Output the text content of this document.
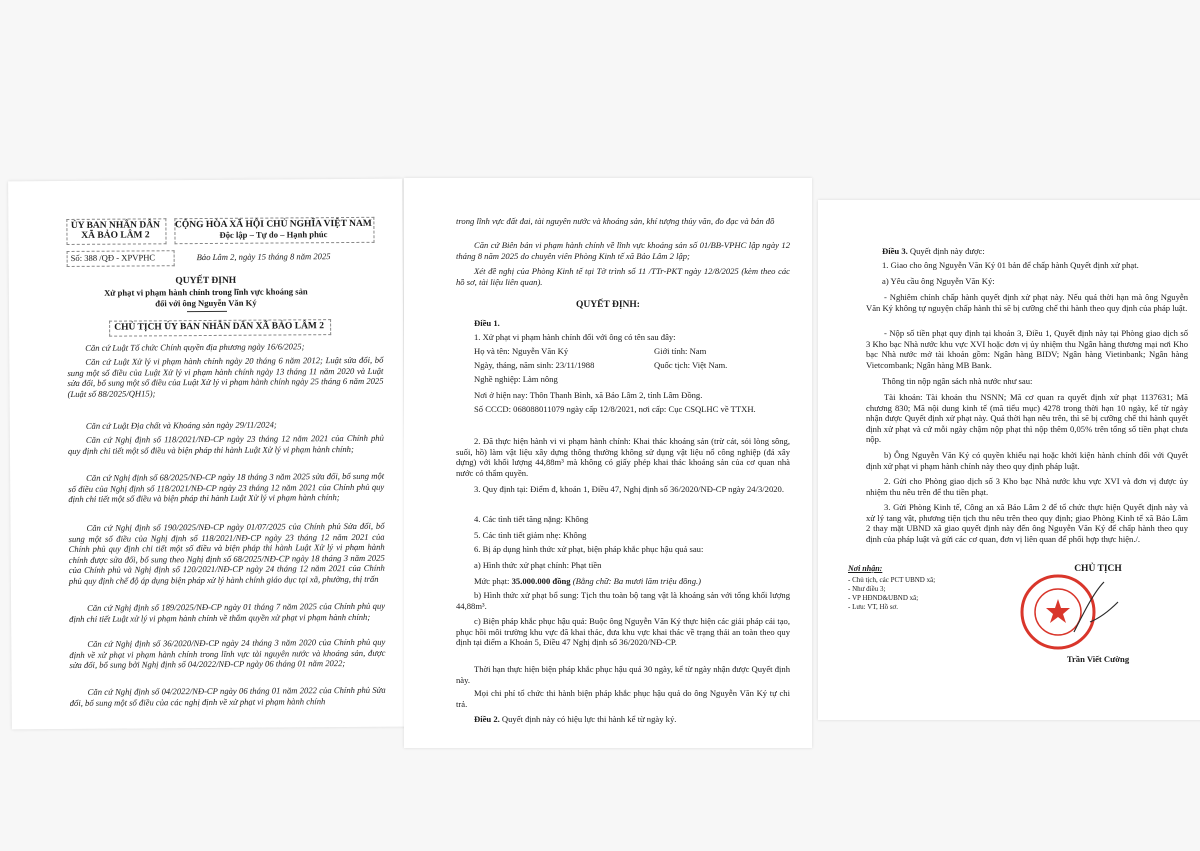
ỦY BAN NHÂN DÂN
XÃ BẢO LÂM 2
CỘNG HÒA XÃ HỘI CHỦ NGHĨA VIỆT NAM
Độc lập – Tự do – Hạnh phúc
Số: 388 /QĐ - XPVPHC	Bảo Lâm 2, ngày 15 tháng 8 năm 2025
QUYẾT ĐỊNH
Xử phạt vi phạm hành chính trong lĩnh vực khoáng sản
đối với ông Nguyễn Văn Ký
CHỦ TỊCH ỦY BAN NHÂN DÂN XÃ BẢO LÂM 2
Căn cứ Luật Tổ chức Chính quyền địa phương ngày 16/6/2025;
Căn cứ Luật Xử lý vi phạm hành chính ngày 20 tháng 6 năm 2012; Luật sửa đổi, bổ sung một số điều của Luật Xử lý vi phạm hành chính ngày 13 tháng 11 năm 2020 và Luật sửa đổi, bổ sung một số điều của Luật Xử lý vi phạm hành chính ngày 25 tháng 6 năm 2025 (Luật số 88/2025/QH15);
Căn cứ Luật Địa chất và Khoáng sản ngày 29/11/2024;
Căn cứ Nghị định số 118/2021/NĐ-CP ngày 23 tháng 12 năm 2021 của Chính phủ quy định chi tiết một số điều và biện pháp thi hành Luật Xử lý vi phạm hành chính;
Căn cứ Nghị định số 68/2025/NĐ-CP ngày 18 tháng 3 năm 2025 sửa đổi, bổ sung một số điều của Nghị định số 118/2021/NĐ-CP ngày 23 tháng 12 năm 2021 của Chính phủ quy định chi tiết một số điều và biện pháp thi hành Luật Xử lý vi phạm hành chính;
Căn cứ Nghị định số 190/2025/NĐ-CP ngày 01/07/2025 của Chính phủ Sửa đổi, bổ sung một số điều của Nghị định số 118/2021/NĐ-CP ngày 23 tháng 12 năm 2021 của Chính phủ quy định chi tiết một số điều và biện pháp thi hành Luật Xử lý vi phạm hành chính được sửa đổi, bổ sung theo Nghị định số 68/2025/NĐ-CP ngày 18 tháng 3 năm 2025 của Chính phủ và Nghị định số 120/2021/NĐ-CP ngày 24 tháng 12 năm 2021 của Chính phủ quy định chế độ áp dụng biện pháp xử lý hành chính giáo dục tại xã, phường, thị trấn
Căn cứ Nghị định số 189/2025/NĐ-CP ngày 01 tháng 7 năm 2025 của Chính phủ quy định chi tiết Luật xử lý vi phạm hành chính về thẩm quyền xử phạt vi phạm hành chính;
Căn cứ Nghị định số 36/2020/NĐ-CP ngày 24 tháng 3 năm 2020 của Chính phủ quy định về xử phạt vi phạm hành chính trong lĩnh vực tài nguyên nước và khoáng sản, được sửa đổi, bổ sung bởi Nghị định số 04/2022/NĐ-CP ngày 06 tháng 01 năm 2022;
Căn cứ Nghị định số 04/2022/NĐ-CP ngày 06 tháng 01 năm 2022 của Chính phủ Sửa đổi, bổ sung một số điều của các nghị định về xử phạt vi phạm hành chính
trong lĩnh vực đất đai, tài nguyên nước và khoáng sản, khí tượng thủy văn, đo đạc và bản đồ
Căn cứ Biên bản vi phạm hành chính về lĩnh vực khoáng sản số 01/BB-VPHC lập ngày 12 tháng 8 năm 2025 do chuyên viên Phòng Kinh tế xã Bảo Lâm 2 lập;
Xét đề nghị của Phòng Kinh tế tại Tờ trình số 11 /TTr-PKT ngày 12/8/2025 (kèm theo các hồ sơ, tài liệu liên quan).
QUYẾT ĐỊNH:
Điều 1.
1. Xử phạt vi phạm hành chính đối với ông có tên sau đây:
Họ và tên: Nguyễn Văn Ký	Giới tính: Nam
Ngày, tháng, năm sinh: 23/11/1988	Quốc tịch: Việt Nam.
Nghề nghiệp: Làm nông
Nơi ở hiện nay: Thôn Thanh Bình, xã Bảo Lâm 2, tỉnh Lâm Đồng.
Số CCCD: 068088011079 ngày cấp 12/8/2021, nơi cấp: Cục CSQLHC về TTXH.
2. Đã thực hiện hành vi vi phạm hành chính: Khai thác khoáng sản (trừ cát, sỏi lòng sông, suối, hồ) làm vật liệu xây dựng thông thường không sử dụng vật liệu nổ công nghiệp (đá xây dựng) với khối lượng 44,88m³ mà không có giấy phép khai thác khoáng sản của cơ quan nhà nước có thẩm quyền.
3. Quy định tại: Điểm đ, khoản 1, Điều 47, Nghị định số 36/2020/NĐ-CP ngày 24/3/2020.
4. Các tình tiết tăng nặng: Không
5. Các tình tiết giảm nhẹ: Không
6. Bị áp dụng hình thức xử phạt, biện pháp khắc phục hậu quả sau:
a) Hình thức xử phạt chính: Phạt tiền
Mức phạt: 35.000.000 đồng (Bằng chữ: Ba mươi lăm triệu đồng.)
b) Hình thức xử phạt bổ sung: Tịch thu toàn bộ tang vật là khoáng sản với tổng khối lượng 44,88m³.
c) Biện pháp khắc phục hậu quả: Buộc ông Nguyễn Văn Ký thực hiện các giải pháp cải tạo, phục hồi môi trường khu vực đã khai thác, đưa khu vực khai thác về trạng thái an toàn theo quy định tại điểm a Khoản 5, Điều 47 Nghị định số 36/2020/NĐ-CP.
Thời hạn thực hiện biện pháp khắc phục hậu quả 30 ngày, kể từ ngày nhận được Quyết định này.
Mọi chi phí tổ chức thi hành biện pháp khắc phục hậu quả do ông Nguyễn Văn Ký tự chi trả.
Điều 2. Quyết định này có hiệu lực thi hành kể từ ngày ký.
Điều 3. Quyết định này được:
1. Giao cho ông Nguyễn Văn Ký 01 bản để chấp hành Quyết định xử phạt.
a) Yêu cầu ông Nguyễn Văn Ký:
- Nghiêm chỉnh chấp hành quyết định xử phạt này. Nếu quá thời hạn mà ông Nguyễn Văn Ký không tự nguyện chấp hành thì sẽ bị cưỡng chế thi hành theo quy định của pháp luật.
- Nộp số tiền phạt quy định tại khoản 3, Điều 1, Quyết định này tại Phòng giao dịch số 3 Kho bạc Nhà nước khu vực XVI hoặc đơn vị ủy nhiệm thu Ngân hàng thương mại nơi Kho bạc Nhà nước mở tài khoản gồm: Ngân hàng BIDV; Ngân hàng Vietinbank; Ngân hàng Vietcombank; Ngân hàng MB Bank.
Thông tin nộp ngân sách nhà nước như sau:
Tài khoản: Tài khoản thu NSNN; Mã cơ quan ra quyết định xử phạt 1137631; Mã chương 830; Mã nội dung kinh tế (mã tiểu mục) 4278 trong thời hạn 10 ngày, kể từ ngày nhận được Quyết định xử phạt này. Quá thời hạn nêu trên, thì sẽ bị cưỡng chế thi hành quyết định xử phạt và cứ mỗi ngày chậm nộp phạt thì nộp thêm 0,05% trên tổng số tiền phạt chưa nộp.
b) Ông Nguyễn Văn Ký có quyền khiếu nại hoặc khởi kiện hành chính đối với Quyết định xử phạt vi phạm hành chính này theo quy định pháp luật.
2. Gửi cho Phòng giao dịch số 3 Kho bạc Nhà nước khu vực XVI và đơn vị được ủy nhiệm thu nêu trên để thu tiền phạt.
3. Gửi Phòng Kinh tế, Công an xã Bảo Lâm 2 để tổ chức thực hiện Quyết định này và xử lý tang vật, phương tiện tịch thu nêu trên theo quy định; giao Phòng Kinh tế xã Bảo Lâm 2 thay mặt UBND xã giao quyết định này đến ông Nguyễn Văn Ký để chấp hành theo quy định của pháp luật và gửi các cơ quan, đơn vị liên quan để phối hợp thực hiện./.
Nơi nhận:
- Chủ tịch, các PCT UBND xã;
- Như điều 3;
- VP HĐND&UBND xã;
- Lưu: VT, Hồ sơ.
CHỦ TỊCH
Trần Viết Cường
